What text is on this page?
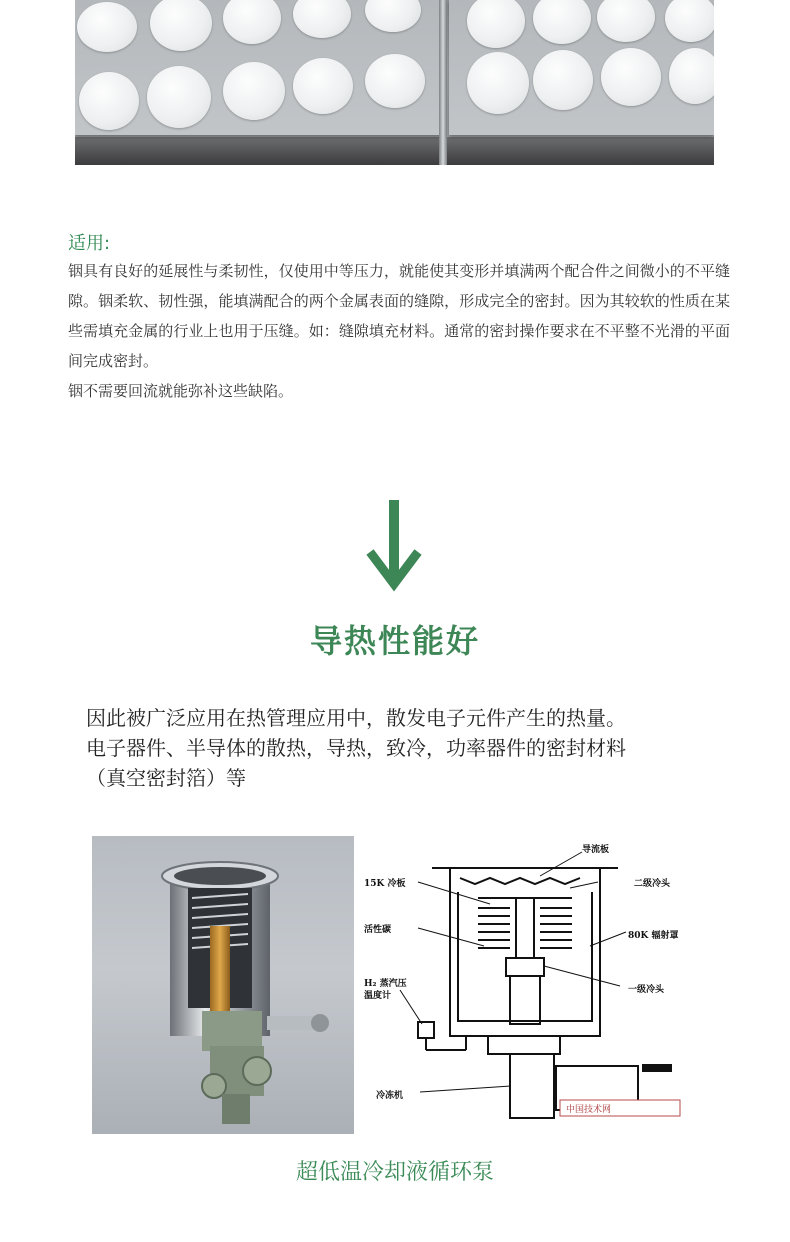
适用:

铟具有良好的延展性与柔韧性，仅使用中等压力，就能使其变形并填满两个配合件之间微小的不平缝隙。铟柔软、韧性强，能填满配合的两个金属表面的缝隙，形成完全的密封。因为其较软的性质在某些需填充金属的行业上也用于压缝。如：缝隙填充材料。通常的密封操作要求在不平整不光滑的平面间完成密封。

铟不需要回流就能弥补这些缺陷。

导热性能好

因此被广泛应用在热管理应用中，散发电子元件产生的热量。

电子器件、半导体的散热，导热，致冷，功率器件的密封材料

（真空密封箔）等

中国技术网
导流板
15K 冷板	二级冷头
活性碳
80K 辐射罩
H₂ 蒸汽压
温度计
一级冷头
冷冻机
超低温冷却液循环泵
